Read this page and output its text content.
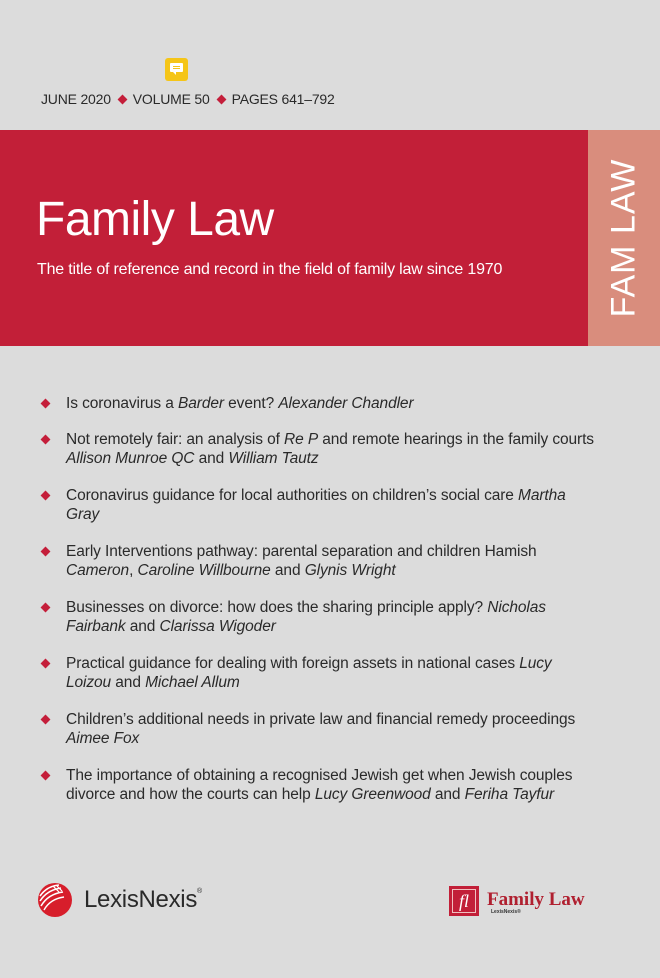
JUNE 2020 VOLUME 50 PAGES 641–792
Family Law
The title of reference and record in the field of family law since 1970	FAM LAW
Is coronavirus a Barder event? Alexander Chandler
Not remotely fair: an analysis of Re P and remote hearings in the family courts Allison Munroe QC and William Tautz
Coronavirus guidance for local authorities on children’s social care Martha Gray
Early Interventions pathway: parental separation and children Hamish Cameron, Caroline Willbourne and Glynis Wright
Businesses on divorce: how does the sharing principle apply? Nicholas Fairbank and Clarissa Wigoder
Practical guidance for dealing with foreign assets in national cases Lucy Loizou and Michael Allum
Children’s additional needs in private law and financial remedy proceedings Aimee Fox
The importance of obtaining a recognised Jewish get when Jewish couples divorce and how the courts can help Lucy Greenwood and Feriha Tayfur
LexisNexis®	fl Family Law
LexisNexis®
